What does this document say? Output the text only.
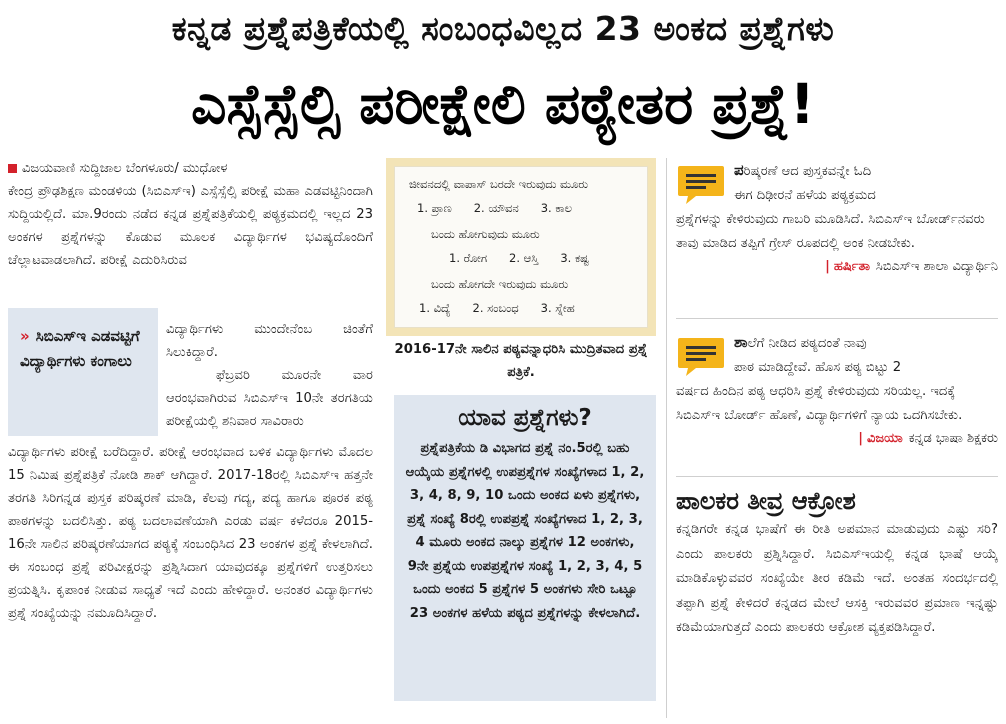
ಕನ್ನಡ ಪ್ರಶ್ನೆಪತ್ರಿಕೆಯಲ್ಲಿ ಸಂಬಂಧವಿಲ್ಲದ 23 ಅಂಕದ ಪ್ರಶ್ನೆಗಳು
ಎಸ್ಸೆಸ್ಸೆಲ್ಸಿ ಪರೀಕ್ಷೇಲಿ ಪಠ್ಯೇತರ ಪ್ರಶ್ನೆ!
ವಿಜಯವಾಣಿ ಸುದ್ದಿಜಾಲ ಬೆಂಗಳೂರು/ ಮುಧೋಳ

ಕೇಂದ್ರ ಪ್ರೌಢಶಿಕ್ಷಣ ಮಂಡಳಿಯ (ಸಿಬಿಎಸ್ಇ) ಎಸ್ಸೆಸ್ಸೆಲ್ಸಿ ಪರೀಕ್ಷೆ ಮಹಾ ಎಡವಟ್ಟಿನಿಂದಾಗಿ ಸುದ್ದಿಯಲ್ಲಿದೆ. ಮಾ.9ರಂದು ನಡೆದ ಕನ್ನಡ ಪ್ರಶ್ನೆಪತ್ರಿಕೆಯಲ್ಲಿ ಪಠ್ಯಕ್ರಮದಲ್ಲಿ ಇಲ್ಲದ 23 ಅಂಕಗಳ ಪ್ರಶ್ನೆಗಳನ್ನು ಕೊಡುವ ಮೂಲಕ ವಿದ್ಯಾರ್ಥಿಗಳ ಭವಿಷ್ಯದೊಂದಿಗೆ ಚೆಲ್ಲಾಟವಾಡಲಾಗಿದೆ. ಪರೀಕ್ಷೆ ಎದುರಿಸಿರುವ

» ಸಿಬಿಎಸ್ಇ ಎಡವಟ್ಟಿಗೆ ವಿದ್ಯಾರ್ಥಿಗಳು ಕಂಗಾಲು

ವಿದ್ಯಾರ್ಥಿಗಳು ಮುಂದೇನೆಂಬ ಚಿಂತೆಗೆ ಸಿಲುಕಿದ್ದಾರೆ.

ಫೆಬ್ರವರಿ ಮೂರನೇ ವಾರ ಆರಂಭವಾಗಿರುವ ಸಿಬಿಎಸ್ಇ 10ನೇ ತರಗತಿಯ ಪರೀಕ್ಷೆಯಲ್ಲಿ ಶನಿವಾರ ಸಾವಿರಾರು

ವಿದ್ಯಾರ್ಥಿಗಳು ಪರೀಕ್ಷೆ ಬರೆದಿದ್ದಾರೆ. ಪರೀಕ್ಷೆ ಆರಂಭವಾದ ಬಳಿಕ ವಿದ್ಯಾರ್ಥಿಗಳು ಮೊದಲ 15 ನಿಮಿಷ ಪ್ರಶ್ನೆಪತ್ರಿಕೆ ನೋಡಿ ಶಾಕ್ ಆಗಿದ್ದಾರೆ. 2017-18ರಲ್ಲಿ ಸಿಬಿಎಸ್ಇ ಹತ್ತನೇ ತರಗತಿ ಸಿರಿಗನ್ನಡ ಪುಸ್ತಕ ಪರಿಷ್ಕರಣೆ ಮಾಡಿ, ಕೆಲವು ಗದ್ಯ, ಪದ್ಯ ಹಾಗೂ ಪೂರಕ ಪಠ್ಯ ಪಾಠಗಳನ್ನು ಬದಲಿಸಿತ್ತು. ಪಠ್ಯ ಬದಲಾವಣೆಯಾಗಿ ಎರಡು ವರ್ಷ ಕಳೆದರೂ 2015-16ನೇ ಸಾಲಿನ ಪರಿಷ್ಕರಣೆಯಾಗದ ಪಠ್ಯಕ್ಕೆ ಸಂಬಂಧಿಸಿದ 23 ಅಂಕಗಳ ಪ್ರಶ್ನೆ ಕೇಳಲಾಗಿದೆ. ಈ ಸಂಬಂಧ ಪ್ರಶ್ನೆ ಪರಿವೀಕ್ಷರನ್ನು ಪ್ರಶ್ನಿಸಿದಾಗ ಯಾವುದಕ್ಕೂ ಪ್ರಶ್ನೆಗಳಿಗೆ ಉತ್ತರಿಸಲು ಪ್ರಯತ್ನಿಸಿ. ಕೃಪಾಂಕ ನೀಡುವ ಸಾಧ್ಯತೆ ಇದೆ ಎಂದು ಹೇಳಿದ್ದಾರೆ. ಅನಂತರ ವಿದ್ಯಾರ್ಥಿಗಳು ಪ್ರಶ್ನೆ ಸಂಖ್ಯೆಯನ್ನು ನಮೂದಿಸಿದ್ದಾರೆ.

ಜೀವನದಲ್ಲಿ ವಾಪಾಸ್ ಬರದೇ ಇರುವುದು ಮೂರು
1. ಪ್ರಾಣ 2. ಯೌವನ 3. ಕಾಲ
ಬಂದು ಹೋಗುವುದು ಮೂರು
1. ರೋಗ 2. ಆಸ್ತಿ 3. ಕಷ್ಟ
ಬಂದು ಹೋಗದೇ ಇರುವುದು ಮೂರು
1. ವಿದ್ಯೆ 2. ಸಂಬಂಧ 3. ಸ್ನೇಹ
2016-17ನೇ ಸಾಲಿನ ಪಠ್ಯವನ್ನಾಧರಿಸಿ ಮುದ್ರಿತವಾದ ಪ್ರಶ್ನೆ ಪತ್ರಿಕೆ.
ಯಾವ ಪ್ರಶ್ನೆಗಳು?
ಪ್ರಶ್ನೆಪತ್ರಿಕೆಯ ಡಿ ವಿಭಾಗದ ಪ್ರಶ್ನೆ ನಂ.5ರಲ್ಲಿ ಬಹು ಆಯ್ಕೆಯ ಪ್ರಶ್ನೆಗಳಲ್ಲಿ ಉಪಪ್ರಶ್ನೆಗಳ ಸಂಖ್ಯೆಗಳಾದ 1, 2, 3, 4, 8, 9, 10 ಒಂದು ಅಂಕದ ಏಳು ಪ್ರಶ್ನೆಗಳು, ಪ್ರಶ್ನೆ ಸಂಖ್ಯೆ 8ರಲ್ಲಿ ಉಪಪ್ರಶ್ನೆ ಸಂಖ್ಯೆಗಳಾದ 1, 2, 3, 4 ಮೂರು ಅಂಕದ ನಾಲ್ಕು ಪ್ರಶ್ನೆಗಳ 12 ಅಂಕಗಳು, 9ನೇ ಪ್ರಶ್ನೆಯ ಉಪಪ್ರಶ್ನೆಗಳ ಸಂಖ್ಯೆ 1, 2, 3, 4, 5 ಒಂದು ಅಂಕದ 5 ಪ್ರಶ್ನೆಗಳ 5 ಅಂಕಗಳು ಸೇರಿ ಒಟ್ಟೂ 23 ಅಂಕಗಳ ಹಳೆಯ ಪಠ್ಯದ ಪ್ರಶ್ನೆಗಳನ್ನು ಕೇಳಲಾಗಿದೆ.

ಪರಿಷ್ಕರಣೆ ಆದ ಪುಸ್ತಕವನ್ನೇ ಓದಿ

ಈಗ ದಿಢೀರನೆ ಹಳೆಯ ಪಠ್ಯಕ್ರಮದ

ಪ್ರಶ್ನೆಗಳನ್ನು ಕೇಳಿರುವುದು ಗಾಬರಿ ಮೂಡಿಸಿದೆ. ಸಿಬಿಎಸ್ಇ ಬೋರ್ಡ್‌ನವರು ತಾವು ಮಾಡಿದ ತಪ್ಪಿಗೆ ಗ್ರೇಸ್ ರೂಪದಲ್ಲಿ ಅಂಕ ನೀಡಬೇಕು.

| ಹರ್ಷಿತಾ ಸಿಬಿಎಸ್ಇ ಶಾಲಾ ವಿದ್ಯಾರ್ಥಿನಿ

ಶಾಲೆಗೆ ನೀಡಿದ ಪಠ್ಯದಂತೆ ನಾವು

ಪಾಠ ಮಾಡಿದ್ದೇವೆ. ಹೊಸ ಪಠ್ಯ ಬಿಟ್ಟು 2

ವರ್ಷದ ಹಿಂದಿನ ಪಠ್ಯ ಆಧರಿಸಿ ಪ್ರಶ್ನೆ ಕೇಳಿರುವುದು ಸರಿಯಲ್ಲ. ಇದಕ್ಕೆ ಸಿಬಿಎಸ್ಇ ಬೋರ್ಡ್ ಹೊಣೆ, ವಿದ್ಯಾರ್ಥಿಗಳಿಗೆ ನ್ಯಾಯ ಒದಗಿಸಬೇಕು.

| ವಿಜಯಾ ಕನ್ನಡ ಭಾಷಾ ಶಿಕ್ಷಕರು
ಪಾಲಕರ ತೀವ್ರ ಆಕ್ರೋಶ
ಕನ್ನಡಿಗರೇ ಕನ್ನಡ ಭಾಷೆಗೆ ಈ ರೀತಿ ಅಪಮಾನ ಮಾಡುವುದು ಎಷ್ಟು ಸರಿ? ಎಂದು ಪಾಲಕರು ಪ್ರಶ್ನಿಸಿದ್ದಾರೆ. ಸಿಬಿಎಸ್ಇಯಲ್ಲಿ ಕನ್ನಡ ಭಾಷೆ ಆಯ್ಕೆ ಮಾಡಿಕೊಳ್ಳುವವರ ಸಂಖ್ಯೆಯೇ ತೀರ ಕಡಿಮೆ ಇದೆ. ಅಂತಹ ಸಂದರ್ಭದಲ್ಲಿ ತಪ್ಪಾಗಿ ಪ್ರಶ್ನೆ ಕೇಳಿದರೆ ಕನ್ನಡದ ಮೇಲೆ ಆಸಕ್ತಿ ಇರುವವರ ಪ್ರಮಾಣ ಇನ್ನಷ್ಟು ಕಡಿಮೆಯಾಗುತ್ತದೆ ಎಂದು ಪಾಲಕರು ಆಕ್ರೋಶ ವ್ಯಕ್ತಪಡಿಸಿದ್ದಾರೆ.
